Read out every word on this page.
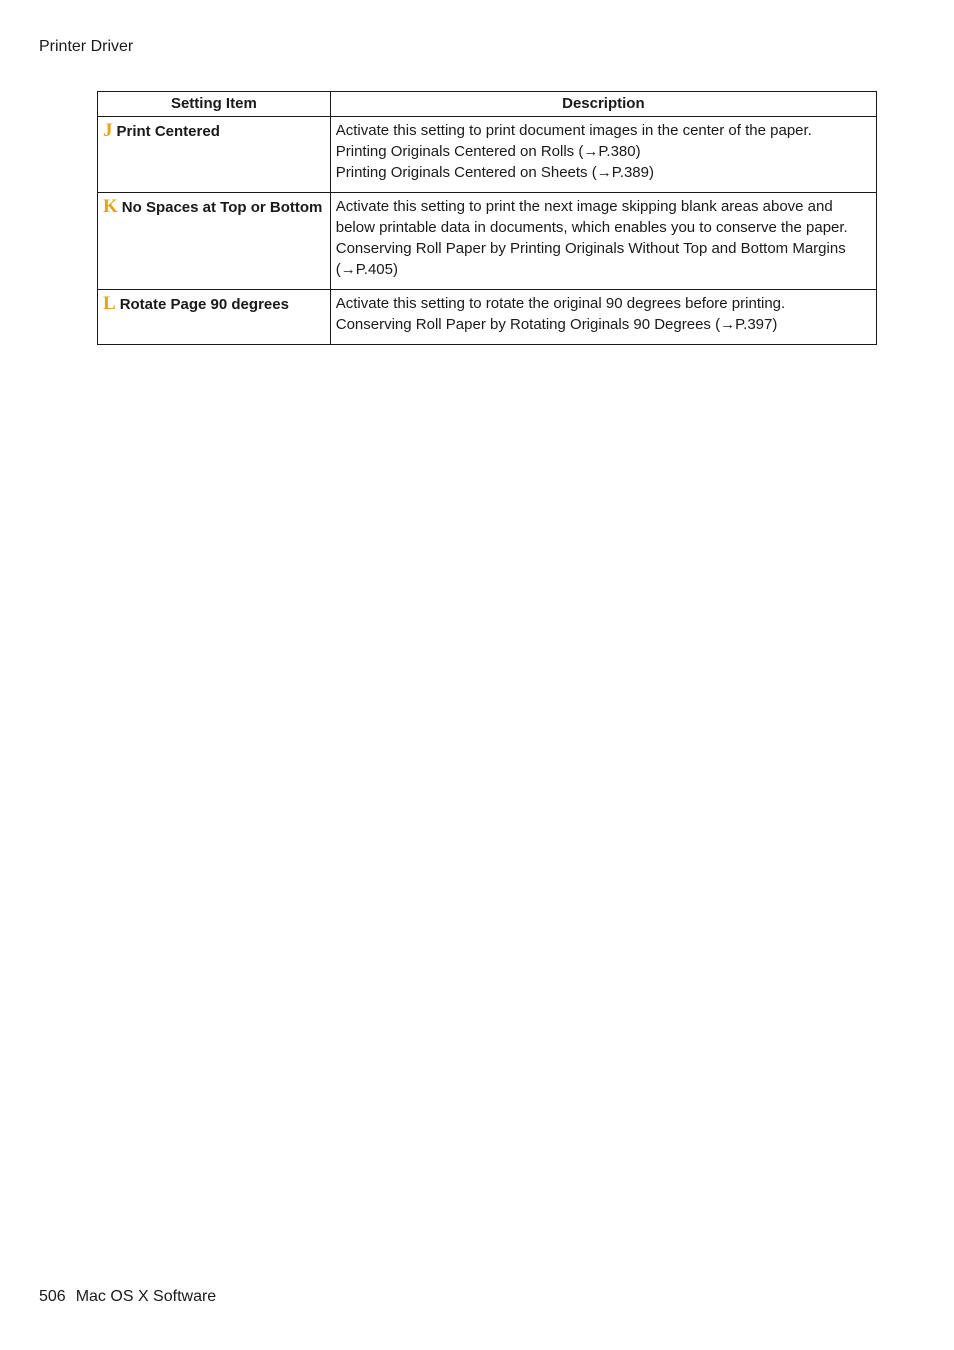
Printer Driver
Setting Item	Description
J Print Centered	Activate this setting to print document images in the center of the paper.
Printing Originals Centered on Rolls (→P.380)
Printing Originals Centered on Sheets (→P.389)

K No Spaces at Top or Bottom	Activate this setting to print the next image skipping blank areas above and below printable data in documents, which enables you to conserve the paper.
Conserving Roll Paper by Printing Originals Without Top and Bottom Margins (→P.405)

L Rotate Page 90 degrees	Activate this setting to rotate the original 90 degrees before printing.
Conserving Roll Paper by Rotating Originals 90 Degrees (→P.397)
506 Mac OS X Software
